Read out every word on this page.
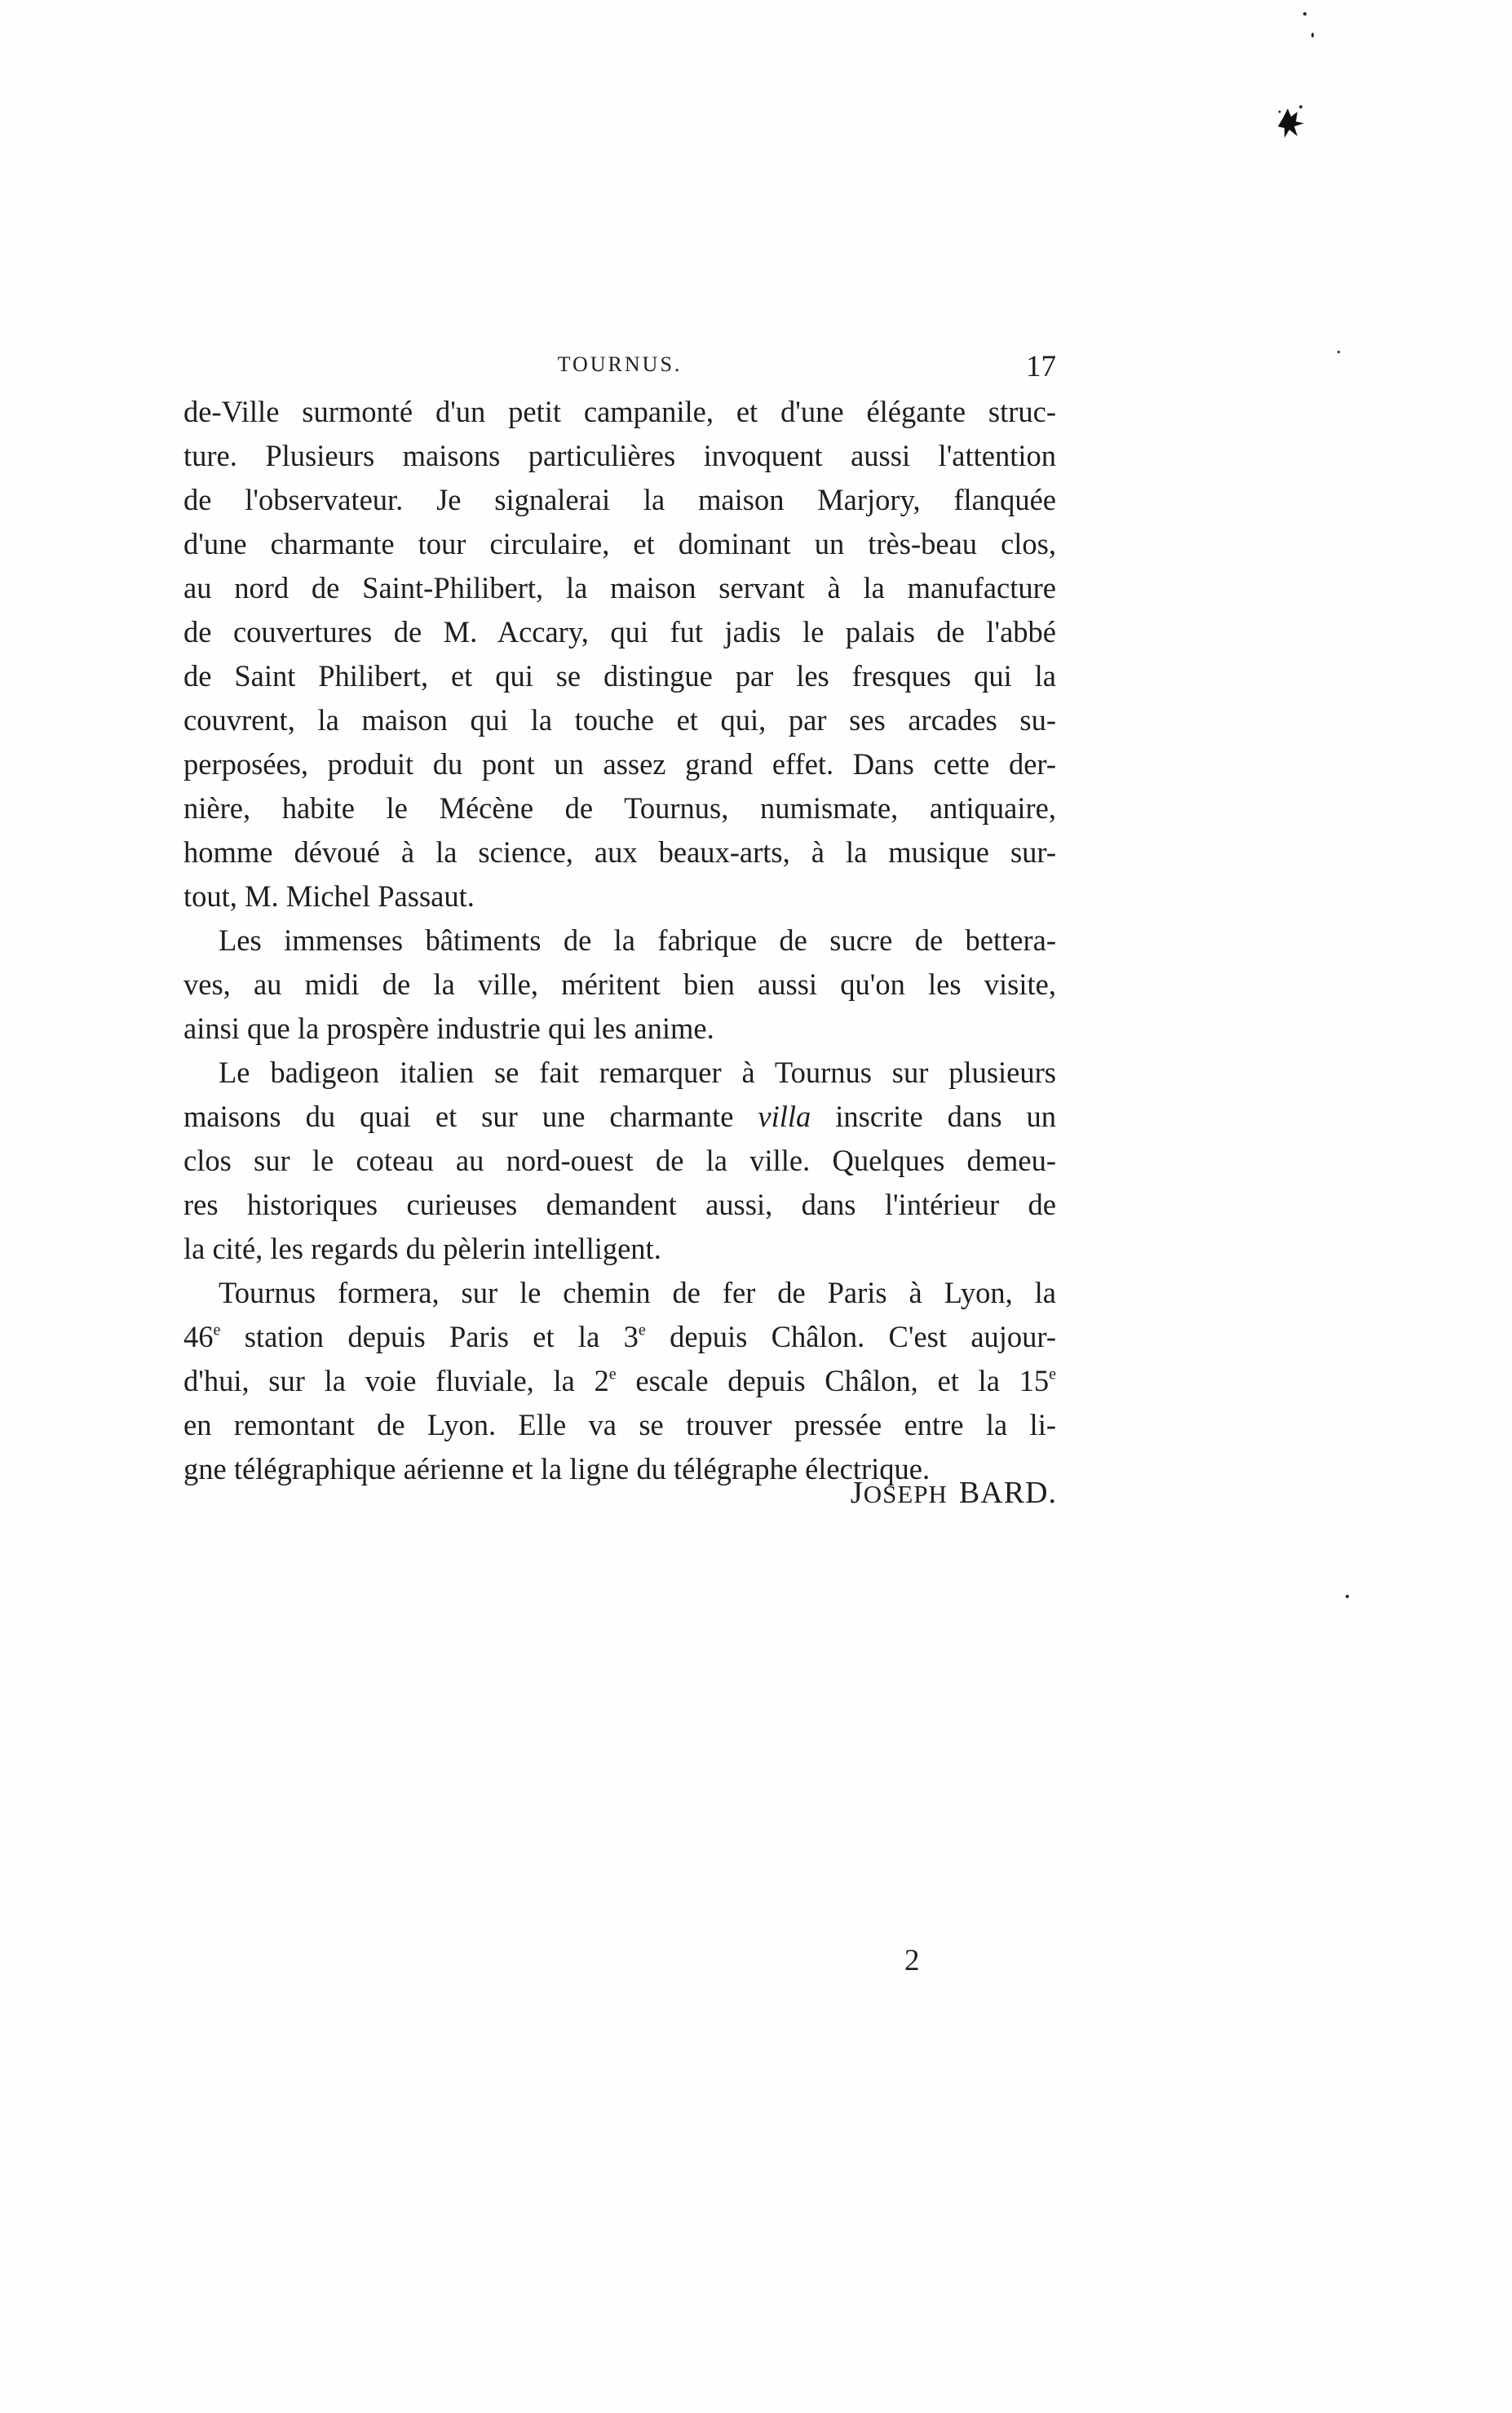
TOURNUS.	17
de-Ville surmonté d'un petit campanile, et d'une élégante struc-
ture. Plusieurs maisons particulières invoquent aussi l'attention
de l'observateur. Je signalerai la maison Marjory, flanquée
d'une charmante tour circulaire, et dominant un très-beau clos,
au nord de Saint-Philibert, la maison servant à la manufacture
de couvertures de M. Accary, qui fut jadis le palais de l'abbé
de Saint Philibert, et qui se distingue par les fresques qui la
couvrent, la maison qui la touche et qui, par ses arcades su-
perposées, produit du pont un assez grand effet. Dans cette der-
nière, habite le Mécène de Tournus, numismate, antiquaire,
homme dévoué à la science, aux beaux-arts, à la musique sur-
tout, M. Michel Passaut.
Les immenses bâtiments de la fabrique de sucre de bettera-
ves, au midi de la ville, méritent bien aussi qu'on les visite,
ainsi que la prospère industrie qui les anime.
Le badigeon italien se fait remarquer à Tournus sur plusieurs
maisons du quai et sur une charmante villa inscrite dans un
clos sur le coteau au nord-ouest de la ville. Quelques demeu-
res historiques curieuses demandent aussi, dans l'intérieur de
la cité, les regards du pèlerin intelligent.
Tournus formera, sur le chemin de fer de Paris à Lyon, la
46e station depuis Paris et la 3e depuis Châlon. C'est aujour-
d'hui, sur la voie fluviale, la 2e escale depuis Châlon, et la 15e
en remontant de Lyon. Elle va se trouver pressée entre la li-
gne télégraphique aérienne et la ligne du télégraphe électrique.
JOSEPH BARD.
2
